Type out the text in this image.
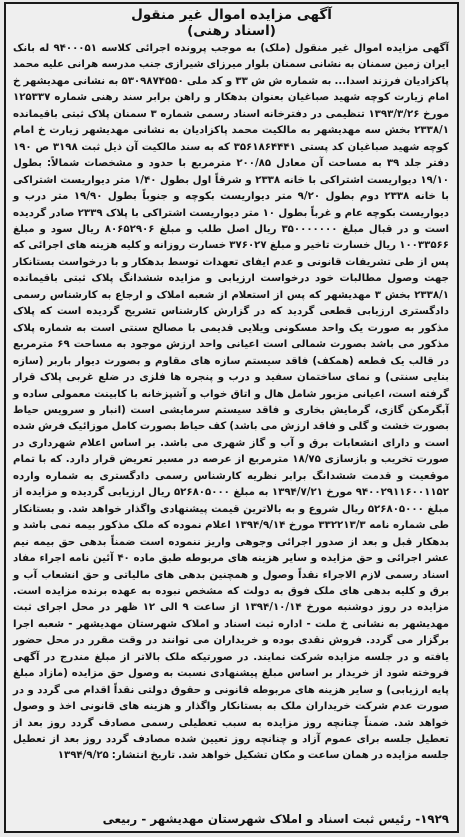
آگهی مزایده اموال غیر منقول (اسناد رهنی)
آگهی مزایده اموال غیر منقول (ملک) به موجب پرونده اجرائی کلاسه ۹۴۰۰۰۵۱ له بانک ایران زمین سمنان به نشانی سمنان بلوار میرزای شیرازی جنب مدرسه هرانی علیه محمد پاکزادیان فرزند اسدا... به شماره ش ش ۳۳ و کد ملی ۵۳۰۹۸۷۴۵۵۰ به نشانی مهدیشهر خ امام زیارت کوچه شهید صباغیان بعنوان بدهکار و راهن برابر سند رهنی شماره ۱۲۵۳۳۷ مورخ ۱۳۹۳/۳/۲۶ تنظیمی در دفترخانه اسناد رسمی شماره ۳ سمنان پلاک ثبتی باقیمانده ۲۳۳۸/۱ بخش سه مهدیشهر به مالکیت محمد پاکزادیان به نشانی مهدیشهر زیارت خ امام کوچه شهید صباغیان کد پستی ۳۵۶۱۸۶۴۴۴۱ که به سند مالکیت آن ذیل ثبت ۳۱۹۸ ص ۱۹۰ دفتر جلد ۳۹ به مساحت آن معادل ۲۰۰/۸۵ مترمربع با حدود و مشخصات شمالاً: بطول ۱۹/۱۰ دیواریست اشتراکی با خانه ۲۳۳۸ و شرقاً اول بطول ۱/۴۰ متر دیواریست اشتراکی با خانه ۲۳۳۸ دوم بطول ۹/۲۰ متر دیواریست بکوچه و جنوباً بطول ۱۹/۹۰ متر درب و دیواریست بکوچه عام و غرباً بطول ۱۰ متر دیواریست اشتراکی با پلاک ۲۳۳۹ صادر گردیده است و در قبال مبلغ ۳۵۰۰۰۰۰۰۰ ریال اصل طلب و مبلغ ۸۰۶۵۲۹۰۶ ریال سود و مبلغ ۱۰۰۳۳۵۶۶ ریال خسارت تاخیر و مبلغ ۳۷۶۰۲۷ خسارت روزانه و کلیه هزینه های اجرائی که پس از طی تشریفات قانونی و عدم ایفای تعهدات توسط بدهکار و با درخواست بستانکار جهت وصول مطالبات خود درخواست ارزیابی و مزایده ششدانگ پلاک ثبتی باقیمانده ۲۳۳۸/۱ بخش ۳ مهدیشهر که پس از استعلام از شعبه املاک و ارجاع به کارشناس رسمی دادگستری ارزیابی قطعی گردید که در گزارش کارشناس تشریح گردیده است که پلاک مذکور به صورت یک واحد مسکونی ویلایی قدیمی با مصالح سنتی است به شماره پلاک مذکور می باشد بصورت شمالی است اعیانی واحد ارزش موجود به مساحت ۶۹ مترمربع در قالب یک قطعه (همکف) فاقد سیستم سازه های مقاوم و بصورت دیوار باربر (سازه بنایی سنتی) و نمای ساختمان سفید و درب و پنجره ها فلزی در ضلع غربی پلاک قرار گرفته است، اعیانی مزبور شامل هال و اتاق خواب و آشپزخانه با کابینت معمولی ساده و آبگرمکن گازی، گرمایش بخاری و فاقد سیستم سرمایشی است (انبار و سرویس حیاط بصورت خشت و گلی و فاقد ارزش می باشد) کف حیاط بصورت کامل موزائیک فرش شده است و دارای انشعابات برق و آب و گاز شهری می باشد. بر اساس اعلام شهرداری در صورت تخریب و بازسازی ۱۸/۷۵ مترمربع از عرصه در مسیر تعریض قرار دارد. که با تمام موقعیت و قدمت ششدانگ برابر نظریه کارشناس رسمی دادگستری به شماره وارده ۹۴۰۰۲۹۱۱۶۰۰۱۱۵۲ مورخ ۱۳۹۴/۷/۲۱ به مبلغ ۵۲۶۸۰۵۰۰۰ ریال ارزیابی گردیده و مزایده از مبلغ ۵۲۶۸۰۵۰۰۰ ریال شروع و به بالاترین قیمت پیشنهادی واگذار خواهد شد. و بستانکار طی شماره نامه ۳۳۲۲۱۳/۳ مورخ ۱۳۹۴/۹/۱۴ اعلام نموده که ملک مذکور بیمه نمی باشد و بدهکار قبل و بعد از صدور اجرائی وجوهی واریز ننموده است ضمناً بدهی حق بیمه نیم عشر اجرائی و حق مزایده و سایر هزینه های مربوطه طبق ماده ۴۰ آئین نامه اجراء مفاد اسناد رسمی لازم الاجراء نقداً وصول و همچنین بدهی های مالیاتی و حق انشعاب آب و برق و کلیه بدهی های ملک فوق به دولت که مشخص نبوده به عهده برنده مزایده است. مزایده در روز دوشنبه مورخ ۱۳۹۴/۱۰/۱۴ از ساعت ۹ الی ۱۲ ظهر در محل اجرای ثبت مهدیشهر به نشانی خ ملت - اداره ثبت اسناد و املاک شهرستان مهدیشهر - شعبه اجرا برگزار می گردد. فروش نقدی بوده و خریداران می توانند در وقت مقرر در محل حضور یافته و در جلسه مزایده شرکت نمایند. در صورتیکه ملک بالاتر از مبلغ مندرج در آگهی فروخته شود از خریدار بر اساس مبلغ پیشنهادی نسبت به وصول حق مزایده (مازاد مبلغ پایه ارزیابی) و سایر هزینه های مربوطه قانونی و حقوق دولتی نقداً اقدام می گردد و در صورت عدم شرکت خریداران ملک به بستانکار واگذار و هزینه های قانونی اخذ و وصول خواهد شد. ضمناً چنانچه روز مزایده به سبب تعطیلی رسمی مصادف گردد روز بعد از تعطیل جلسه برای عموم آزاد و چنانچه روز تعیین شده مصادف گردد روز بعد از تعطیل جلسه مزایده در همان ساعت و مکان تشکیل خواهد شد. تاریخ انتشار: ۱۳۹۴/۹/۲۵
۱۹۲۹- رئیس ثبت اسناد و املاک شهرستان مهدیشهر - ربیعی
